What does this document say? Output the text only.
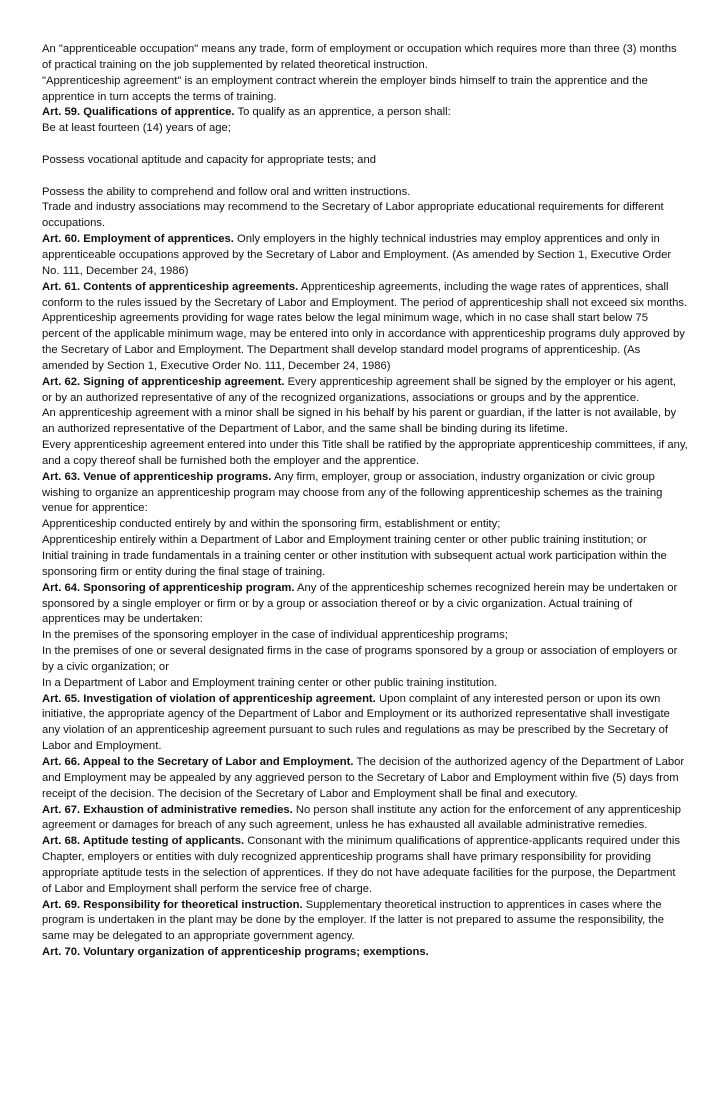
An "apprenticeable occupation" means any trade, form of employment or occupation which requires more than three (3) months of practical training on the job supplemented by related theoretical instruction.

"Apprenticeship agreement" is an employment contract wherein the employer binds himself to train the apprentice and the apprentice in turn accepts the terms of training.

Art. 59. Qualifications of apprentice. To qualify as an apprentice, a person shall:

Be at least fourteen (14) years of age;

Possess vocational aptitude and capacity for appropriate tests; and

Possess the ability to comprehend and follow oral and written instructions.

Trade and industry associations may recommend to the Secretary of Labor appropriate educational requirements for different occupations.

Art. 60. Employment of apprentices. Only employers in the highly technical industries may employ apprentices and only in apprenticeable occupations approved by the Secretary of Labor and Employment. (As amended by Section 1, Executive Order No. 111, December 24, 1986)

Art. 61. Contents of apprenticeship agreements. Apprenticeship agreements, including the wage rates of apprentices, shall conform to the rules issued by the Secretary of Labor and Employment. The period of apprenticeship shall not exceed six months. Apprenticeship agreements providing for wage rates below the legal minimum wage, which in no case shall start below 75 percent of the applicable minimum wage, may be entered into only in accordance with apprenticeship programs duly approved by the Secretary of Labor and Employment. The Department shall develop standard model programs of apprenticeship. (As amended by Section 1, Executive Order No. 111, December 24, 1986)

Art. 62. Signing of apprenticeship agreement. Every apprenticeship agreement shall be signed by the employer or his agent, or by an authorized representative of any of the recognized organizations, associations or groups and by the apprentice.

An apprenticeship agreement with a minor shall be signed in his behalf by his parent or guardian, if the latter is not available, by an authorized representative of the Department of Labor, and the same shall be binding during its lifetime.

Every apprenticeship agreement entered into under this Title shall be ratified by the appropriate apprenticeship committees, if any, and a copy thereof shall be furnished both the employer and the apprentice.

Art. 63. Venue of apprenticeship programs. Any firm, employer, group or association, industry organization or civic group wishing to organize an apprenticeship program may choose from any of the following apprenticeship schemes as the training venue for apprentice:

Apprenticeship conducted entirely by and within the sponsoring firm, establishment or entity;

Apprenticeship entirely within a Department of Labor and Employment training center or other public training institution; or

Initial training in trade fundamentals in a training center or other institution with subsequent actual work participation within the sponsoring firm or entity during the final stage of training.

Art. 64. Sponsoring of apprenticeship program. Any of the apprenticeship schemes recognized herein may be undertaken or sponsored by a single employer or firm or by a group or association thereof or by a civic organization. Actual training of apprentices may be undertaken:

In the premises of the sponsoring employer in the case of individual apprenticeship programs;

In the premises of one or several designated firms in the case of programs sponsored by a group or association of employers or by a civic organization; or

In a Department of Labor and Employment training center or other public training institution.

Art. 65. Investigation of violation of apprenticeship agreement. Upon complaint of any interested person or upon its own initiative, the appropriate agency of the Department of Labor and Employment or its authorized representative shall investigate any violation of an apprenticeship agreement pursuant to such rules and regulations as may be prescribed by the Secretary of Labor and Employment.

Art. 66. Appeal to the Secretary of Labor and Employment. The decision of the authorized agency of the Department of Labor and Employment may be appealed by any aggrieved person to the Secretary of Labor and Employment within five (5) days from receipt of the decision. The decision of the Secretary of Labor and Employment shall be final and executory.

Art. 67. Exhaustion of administrative remedies. No person shall institute any action for the enforcement of any apprenticeship agreement or damages for breach of any such agreement, unless he has exhausted all available administrative remedies.

Art. 68. Aptitude testing of applicants. Consonant with the minimum qualifications of apprentice-applicants required under this Chapter, employers or entities with duly recognized apprenticeship programs shall have primary responsibility for providing appropriate aptitude tests in the selection of apprentices. If they do not have adequate facilities for the purpose, the Department of Labor and Employment shall perform the service free of charge.

Art. 69. Responsibility for theoretical instruction. Supplementary theoretical instruction to apprentices in cases where the program is undertaken in the plant may be done by the employer. If the latter is not prepared to assume the responsibility, the same may be delegated to an appropriate government agency.

Art. 70. Voluntary organization of apprenticeship programs; exemptions.
